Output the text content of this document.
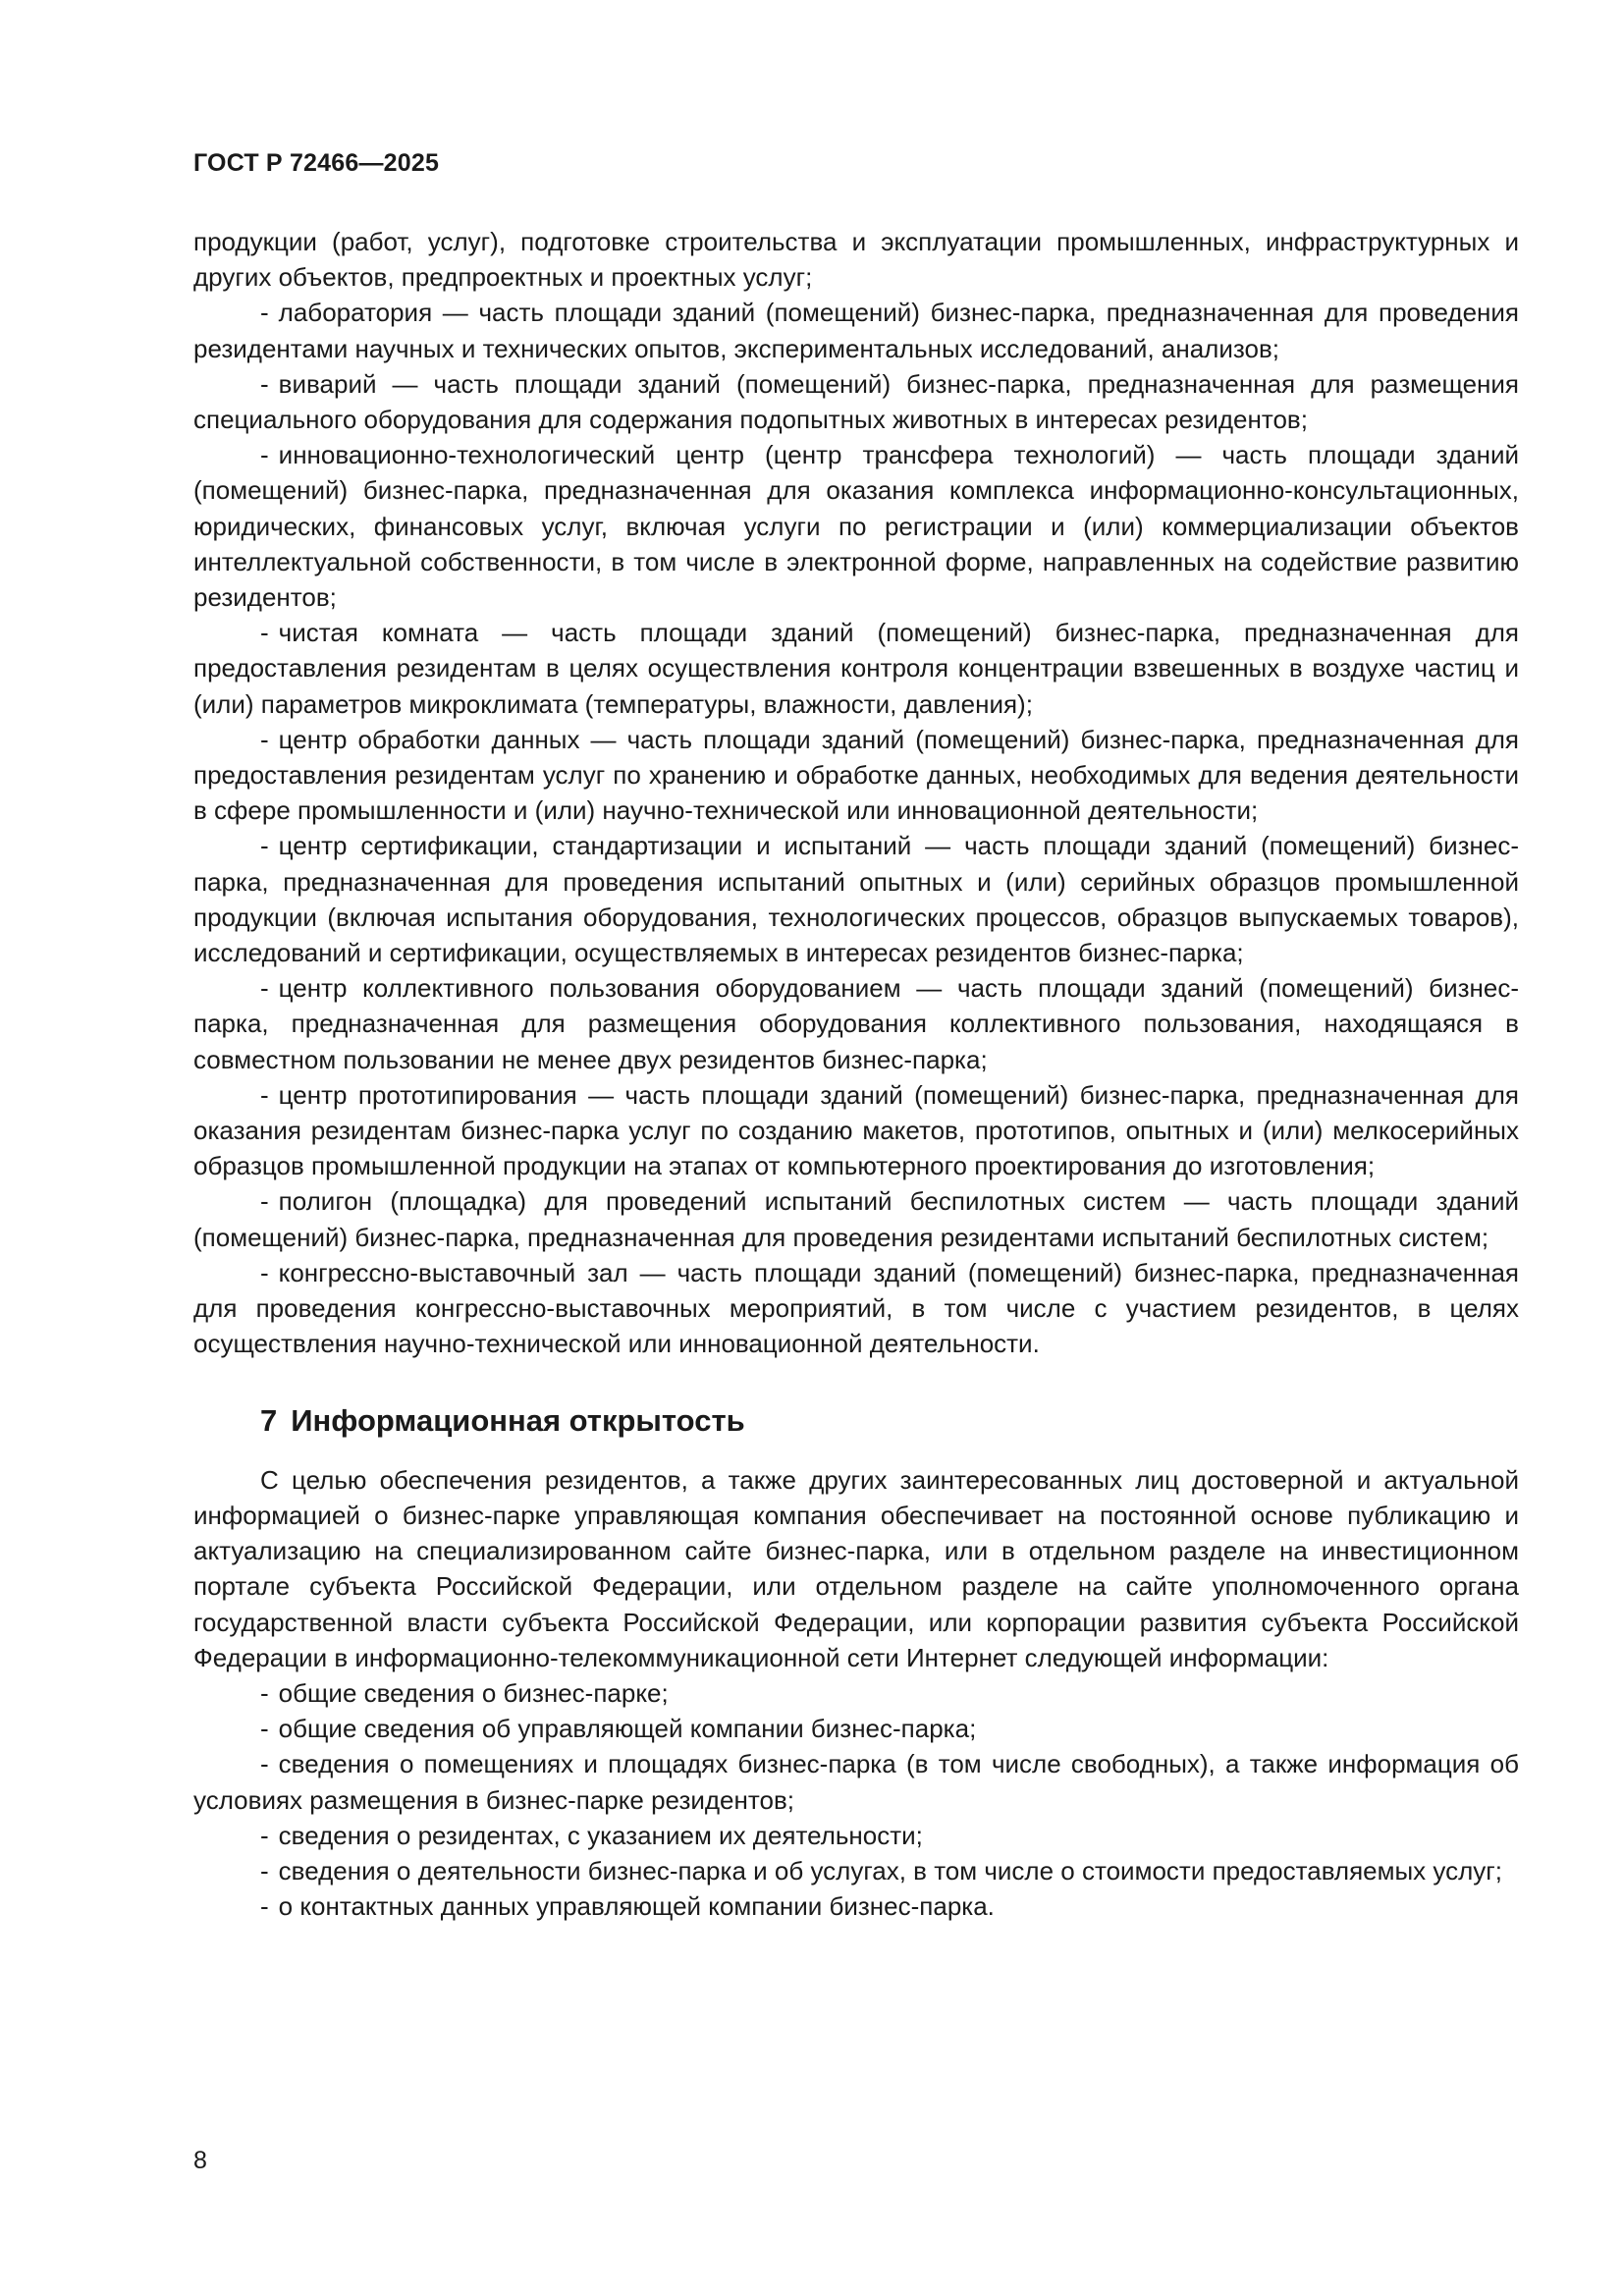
ГОСТ Р 72466—2025

продукции (работ, услуг), подготовке строительства и эксплуатации промышленных, инфраструктурных и других объектов, предпроектных и проектных услуг;

- лаборатория — часть площади зданий (помещений) бизнес-парка, предназначенная для проведения резидентами научных и технических опытов, экспериментальных исследований, анализов;

- виварий — часть площади зданий (помещений) бизнес-парка, предназначенная для размещения специального оборудования для содержания подопытных животных в интересах резидентов;

- инновационно-технологический центр (центр трансфера технологий) — часть площади зданий (помещений) бизнес-парка, предназначенная для оказания комплекса информационно-консультационных, юридических, финансовых услуг, включая услуги по регистрации и (или) коммерциализации объектов интеллектуальной собственности, в том числе в электронной форме, направленных на содействие развитию резидентов;

- чистая комната — часть площади зданий (помещений) бизнес-парка, предназначенная для предоставления резидентам в целях осуществления контроля концентрации взвешенных в воздухе частиц и (или) параметров микроклимата (температуры, влажности, давления);

- центр обработки данных — часть площади зданий (помещений) бизнес-парка, предназначенная для предоставления резидентам услуг по хранению и обработке данных, необходимых для ведения деятельности в сфере промышленности и (или) научно-технической или инновационной деятельности;

- центр сертификации, стандартизации и испытаний — часть площади зданий (помещений) бизнес-парка, предназначенная для проведения испытаний опытных и (или) серийных образцов промышленной продукции (включая испытания оборудования, технологических процессов, образцов выпускаемых товаров), исследований и сертификации, осуществляемых в интересах резидентов бизнес-парка;

- центр коллективного пользования оборудованием — часть площади зданий (помещений) бизнес-парка, предназначенная для размещения оборудования коллективного пользования, находящаяся в совместном пользовании не менее двух резидентов бизнес-парка;

- центр прототипирования — часть площади зданий (помещений) бизнес-парка, предназначенная для оказания резидентам бизнес-парка услуг по созданию макетов, прототипов, опытных и (или) мелкосерийных образцов промышленной продукции на этапах от компьютерного проектирования до изготовления;

- полигон (площадка) для проведений испытаний беспилотных систем — часть площади зданий (помещений) бизнес-парка, предназначенная для проведения резидентами испытаний беспилотных систем;

- конгрессно-выставочный зал — часть площади зданий (помещений) бизнес-парка, предназначенная для проведения конгрессно-выставочных мероприятий, в том числе с участием резидентов, в целях осуществления научно-технической или инновационной деятельности.

7 Информационная открытость

С целью обеспечения резидентов, а также других заинтересованных лиц достоверной и актуальной информацией о бизнес-парке управляющая компания обеспечивает на постоянной основе публикацию и актуализацию на специализированном сайте бизнес-парка, или в отдельном разделе на инвестиционном портале субъекта Российской Федерации, или отдельном разделе на сайте уполномоченного органа государственной власти субъекта Российской Федерации, или корпорации развития субъекта Российской Федерации в информационно-телекоммуникационной сети Интернет следующей информации:

- общие сведения о бизнес-парке;

- общие сведения об управляющей компании бизнес-парка;

- сведения о помещениях и площадях бизнес-парка (в том числе свободных), а также информация об условиях размещения в бизнес-парке резидентов;

- сведения о резидентах, с указанием их деятельности;

- сведения о деятельности бизнес-парка и об услугах, в том числе о стоимости предоставляемых услуг;

- о контактных данных управляющей компании бизнес-парка.

8
